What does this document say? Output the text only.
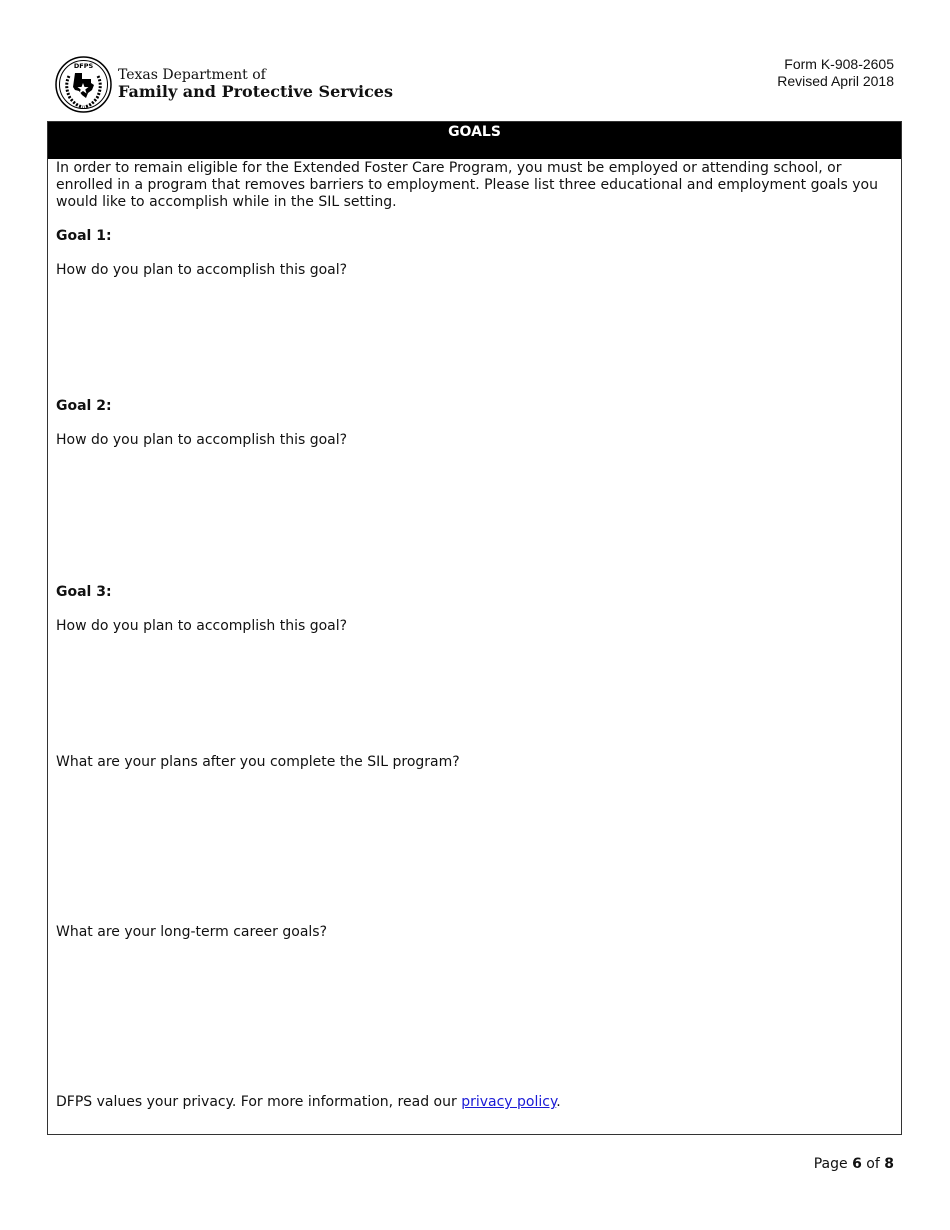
DFPS
Texas Department of
Family and Protective Services
Form K-908-2605
Revised April 2018
GOALS
In order to remain eligible for the Extended Foster Care Program, you must be employed or attending school, or enrolled in a program that removes barriers to employment. Please list three educational and employment goals you would like to accomplish while in the SIL setting.
Goal 1:
How do you plan to accomplish this goal?
Goal 2:
How do you plan to accomplish this goal?
Goal 3:
How do you plan to accomplish this goal?
What are your plans after you complete the SIL program?
What are your long-term career goals?
DFPS values your privacy. For more information, read our privacy policy.
Page 6 of 8
